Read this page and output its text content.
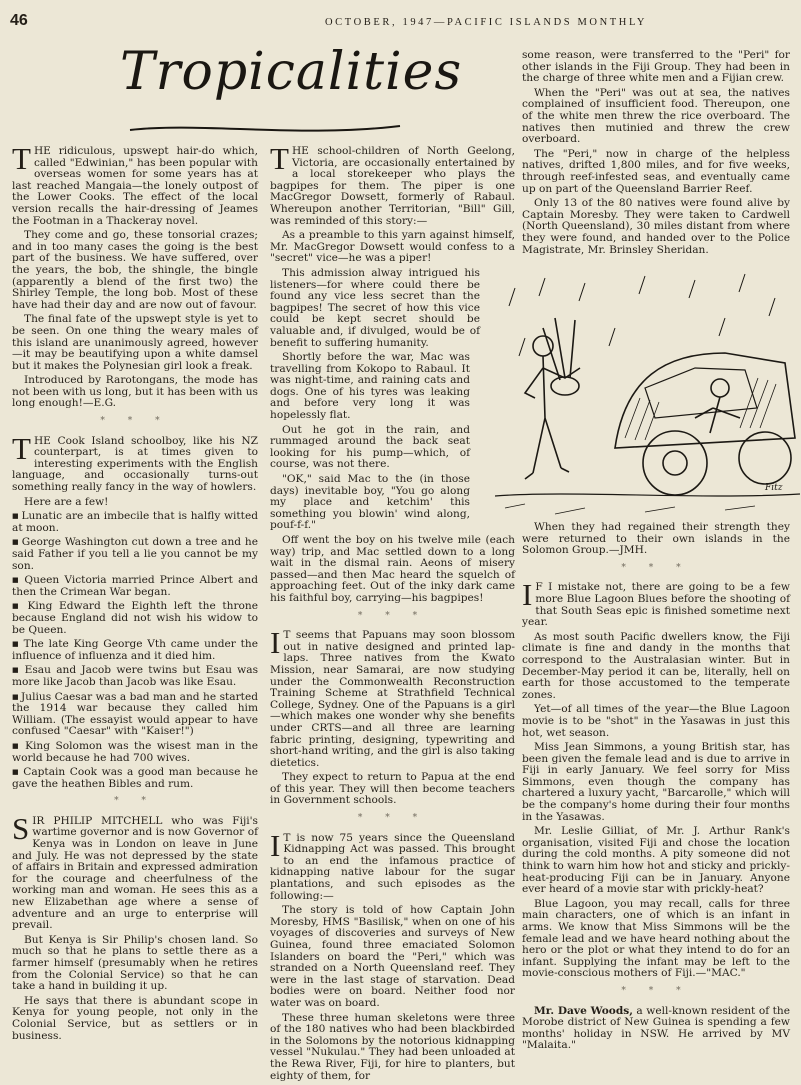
46	OCTOBER, 1947—PACIFIC ISLANDS MONTHLY
Tropicalities

THE ridiculous, upswept hair-do which, called "Edwinian," has been popular with overseas women for some years has at last reached Mangaia—the lonely outpost of the Lower Cooks. The effect of the local version recalls the hair-dressing of Jeames the Footman in a Thackeray novel.

They come and go, these tonsorial crazes; and in too many cases the going is the best part of the business. We have suffered, over the years, the bob, the shingle, the bingle (apparently a blend of the first two) the Shirley Temple, the long bob. Most of these have had their day and are now out of favour.

The final fate of the upswept style is yet to be seen. On one thing the weary males of this island are unanimously agreed, however—it may be beautifying upon a white damsel but it makes the Polynesian girl look a freak.

Introduced by Rarotongans, the mode has not been with us long, but it has been with us long enough!—E.G.

* * *

THE Cook Island schoolboy, like his NZ counterpart, is at times given to interesting experiments with the English language, and occasionally turns-out something really fancy in the way of howlers.

Here are a few!

■ Lunatic are an imbecile that is halfly witted at moon.

■ George Washington cut down a tree and he said Father if you tell a lie you cannot be my son.

■ Queen Victoria married Prince Albert and then the Crimean War began.

■ King Edward the Eighth left the throne because England did not wish his widow to be Queen.

■ The late King George Vth came under the influence of influenza and it died him.

■ Esau and Jacob were twins but Esau was more like Jacob than Jacob was like Esau.

■ Julius Caesar was a bad man and he started the 1914 war because they called him William. (The essayist would appear to have confused "Caesar" with "Kaiser!")

■ King Solomon was the wisest man in the world because he had 700 wives.

■ Captain Cook was a good man because he gave the heathen Bibles and rum.

* *

SIR PHILIP MITCHELL who was Fiji's wartime governor and is now Governor of Kenya was in London on leave in June and July. He was not depressed by the state of affairs in Britain and expressed admiration for the courage and cheerfulness of the working man and woman. He sees this as a new Elizabethan age where a sense of adventure and an urge to enterprise will prevail.

But Kenya is Sir Philip's chosen land. So much so that he plans to settle there as a farmer himself (presumably when he retires from the Colonial Service) so that he can take a hand in building it up.

He says that there is abundant scope in Kenya for young people, not only in the Colonial Service, but as settlers or in business.

THE school-children of North Geelong, Victoria, are occasionally entertained by a local storekeeper who plays the bagpipes for them. The piper is one MacGregor Dowsett, formerly of Rabaul. Whereupon another Territorian, "Bill" Gill, was reminded of this story:—

As a preamble to this yarn against himself, Mr. MacGregor Dowsett would confess to a "secret" vice—he was a piper!

This admission alway intrigued his listeners—for where could there be found any vice less secret than the bagpipes! The secret of how this vice could be kept secret should be valuable and, if divulged, would be of benefit to suffering humanity.

Shortly before the war, Mac was travelling from Kokopo to Rabaul. It was night-time, and raining cats and dogs. One of his tyres was leaking and before very long it was hopelessly flat.

Out he got in the rain, and rummaged around the back seat looking for his pump—which, of course, was not there.

"OK," said Mac to the (in those days) inevitable boy, "You go along my place and ketchim' this something you blowin' wind along, pouf-f-f."

Off went the boy on his twelve mile (each way) trip, and Mac settled down to a long wait in the dismal rain. Aeons of misery passed—and then Mac heard the squelch of approaching feet. Out of the inky dark came his faithful boy, carrying—his bagpipes!

* * *

I T seems that Papuans may soon blossom out in native designed and printed lap-laps. Three natives from the Kwato Mission, near Samarai, are now studying under the Commonwealth Reconstruction Training Scheme at Strathfield Technical College, Sydney. One of the Papuans is a girl—which makes one wonder why she benefits under CRTS—and all three are learning fabric printing, designing, typewriting and short-hand writing, and the girl is also taking dietetics.

They expect to return to Papua at the end of this year. They will then become teachers in Government schools.

* * *

I T is now 75 years since the Queensland Kidnapping Act was passed. This brought to an end the infamous practice of kidnapping native labour for the sugar plantations, and such episodes as the following:—

The story is told of how Captain John Moresby, HMS "Basilisk," when on one of his voyages of discoveries and surveys of New Guinea, found three emaciated Solomon Islanders on board the "Peri," which was stranded on a North Queensland reef. They were in the last stage of starvation. Dead bodies were on board. Neither food nor water was on board.

These three human skeletons were three of the 180 natives who had been blackbirded in the Solomons by the notorious kidnapping vessel "Nukulau." They had been unloaded at the Rewa River, Fiji, for hire to planters, but eighty of them, for

some reason, were transferred to the "Peri" for other islands in the Fiji Group. They had been in the charge of three white men and a Fijian crew.

When the "Peri" was out at sea, the natives complained of insufficient food. Thereupon, one of the white men threw the rice overboard. The natives then mutinied and threw the crew overboard.

The "Peri," now in charge of the helpless natives, drifted 1,800 miles, and for five weeks, through reef-infested seas, and eventually came up on part of the Queensland Barrier Reef.

Only 13 of the 80 natives were found alive by Captain Moresby. They were taken to Cardwell (North Queensland), 30 miles distant from where they were found, and handed over to the Police Magistrate, Mr. Brinsley Sheridan.

Fitz

When they had regained their strength they were returned to their own islands in the Solomon Group.—JMH.

* * *

I F I mistake not, there are going to be a few more Blue Lagoon Blues before the shooting of that South Seas epic is finished sometime next year.

As most south Pacific dwellers know, the Fiji climate is fine and dandy in the months that correspond to the Australasian winter. But in December-May period it can be, literally, hell on earth for those accustomed to the temperate zones.

Yet—of all times of the year—the Blue Lagoon movie is to be "shot" in the Yasawas in just this hot, wet season.

Miss Jean Simmons, a young British star, has been given the female lead and is due to arrive in Fiji in early January. We feel sorry for Miss Simmons, even though the company has chartered a luxury yacht, "Barcarolle," which will be the company's home during their four months in the Yasawas.

Mr. Leslie Gilliat, of Mr. J. Arthur Rank's organisation, visited Fiji and chose the location during the cold months. A pity someone did not think to warn him how hot and sticky and prickly-heat-producing Fiji can be in January. Anyone ever heard of a movie star with prickly-heat?

Blue Lagoon, you may recall, calls for three main characters, one of which is an infant in arms. We know that Miss Simmons will be the female lead and we have heard nothing about the hero or the plot or what they intend to do for an infant. Supplying the infant may be left to the movie-conscious mothers of Fiji.—"MAC."

* * *

Mr. Dave Woods, a well-known resident of the Morobe district of New Guinea is spending a few months' holiday in NSW. He arrived by MV "Malaita."
